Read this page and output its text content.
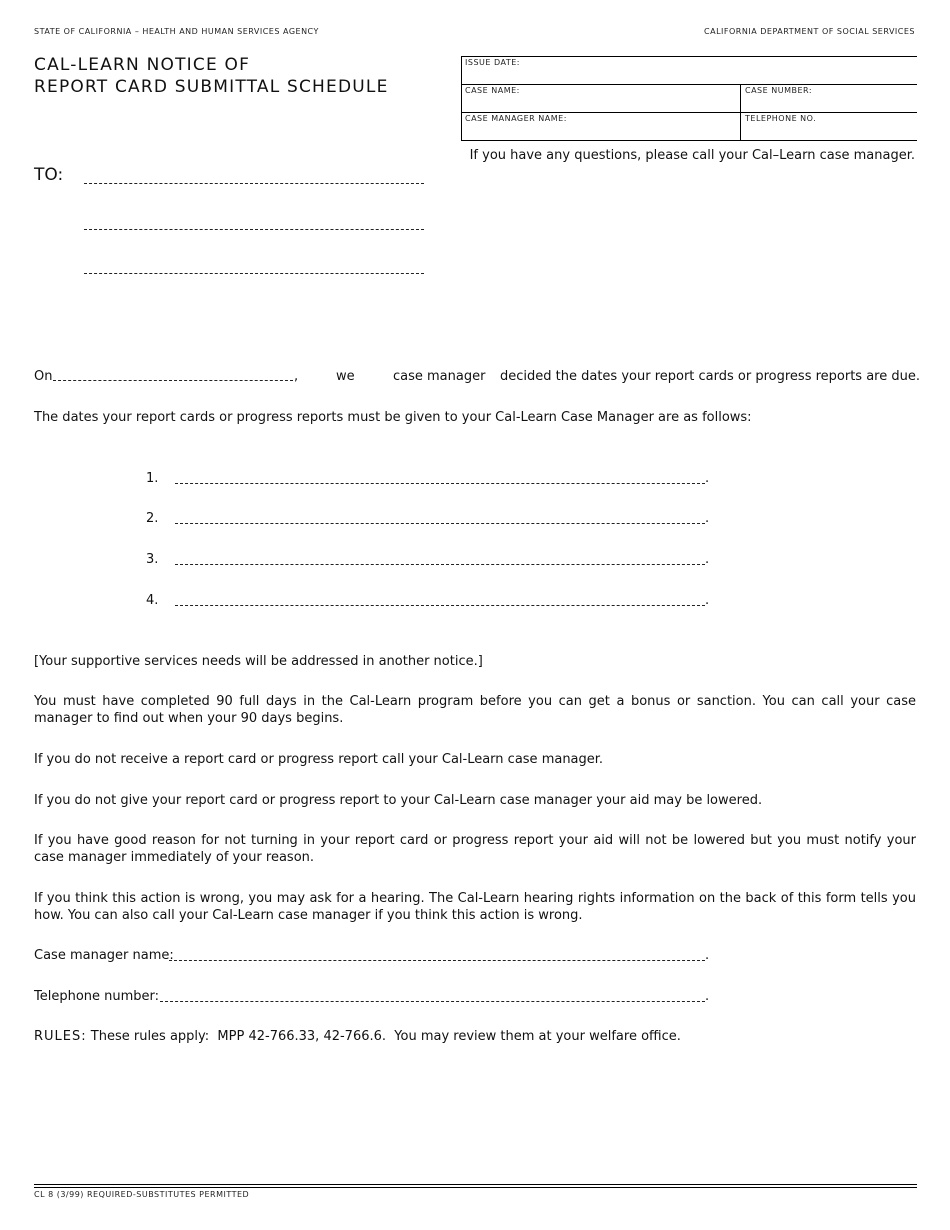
STATE OF CALIFORNIA – HEALTH AND HUMAN SERVICES AGENCY	CALIFORNIA DEPARTMENT OF SOCIAL SERVICES
CAL-LEARN NOTICE OF
REPORT CARD SUBMITTAL SCHEDULE
ISSUE DATE:
CASE NAME:	CASE NUMBER:
CASE MANAGER NAME:	TELEPHONE NO.
If you have any questions, please call your Cal–Learn case manager.
TO:
On	,	we	case manager decided the dates your report cards or progress reports are due.
The dates your report cards or progress reports must be given to your Cal-Learn Case Manager are as follows:
1.	.
2.	.
3.	.
4.	.
[Your supportive services needs will be addressed in another notice.]
You must have completed 90 full days in the Cal-Learn program before you can get a bonus or sanction. You can call your case manager to find out when your 90 days begins.
If you do not receive a report card or progress report call your Cal-Learn case manager.
If you do not give your report card or progress report to your Cal-Learn case manager your aid may be lowered.
If you have good reason for not turning in your report card or progress report your aid will not be lowered but you must notify your case manager immediately of your reason.
If you think this action is wrong, you may ask for a hearing. The Cal-Learn hearing rights information on the back of this form tells you how. You can also call your Cal-Learn case manager if you think this action is wrong.
Case manager name:	.
Telephone number:	.
RULES: These rules apply:  MPP 42-766.33, 42-766.6.  You may review them at your welfare office.
CL 8 (3/99) REQUIRED-SUBSTITUTES PERMITTED
